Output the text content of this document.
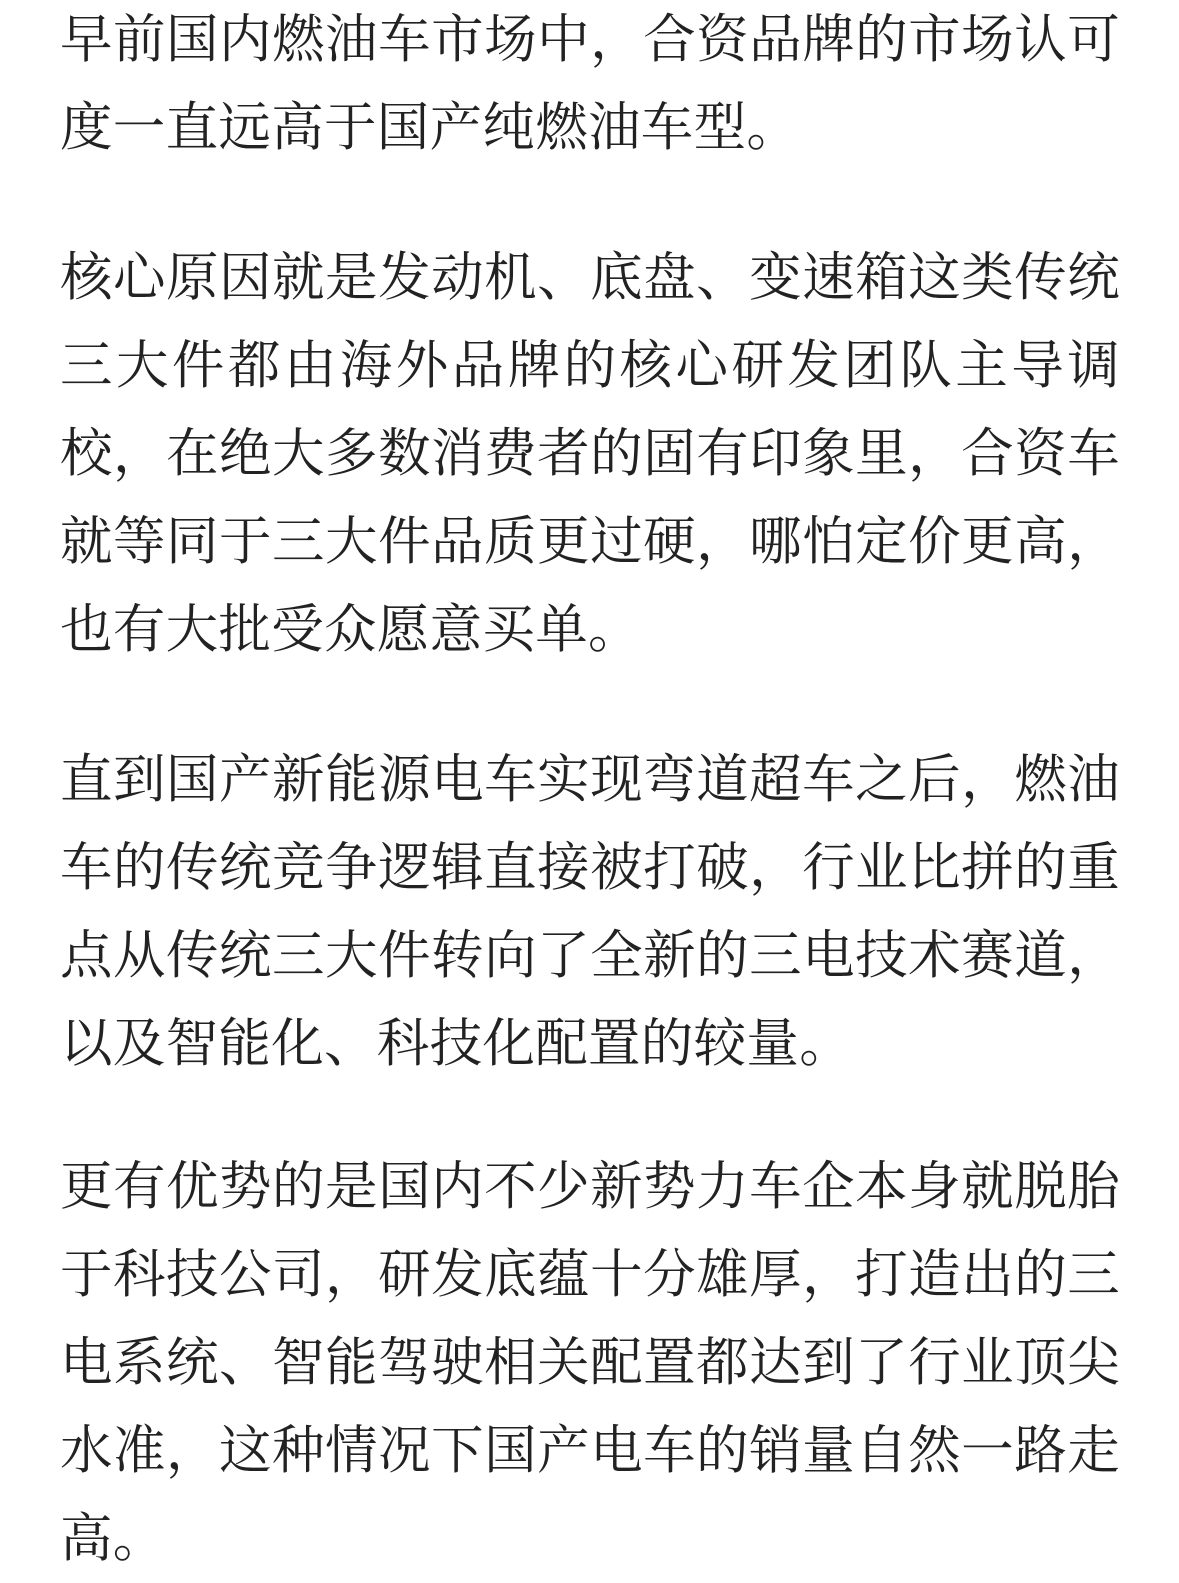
早前国内燃油车市场中，合资品牌的市场认可度一直远高于国产纯燃油车型。

核心原因就是发动机、底盘、变速箱这类传统三大件都由海外品牌的核心研发团队主导调校，在绝大多数消费者的固有印象里，合资车就等同于三大件品质更过硬，哪怕定价更高，也有大批受众愿意买单。

直到国产新能源电车实现弯道超车之后，燃油车的传统竞争逻辑直接被打破，行业比拼的重点从传统三大件转向了全新的三电技术赛道，以及智能化、科技化配置的较量。

更有优势的是国内不少新势力车企本身就脱胎于科技公司，研发底蕴十分雄厚，打造出的三电系统、智能驾驶相关配置都达到了行业顶尖水准，这种情况下国产电车的销量自然一路走高。
